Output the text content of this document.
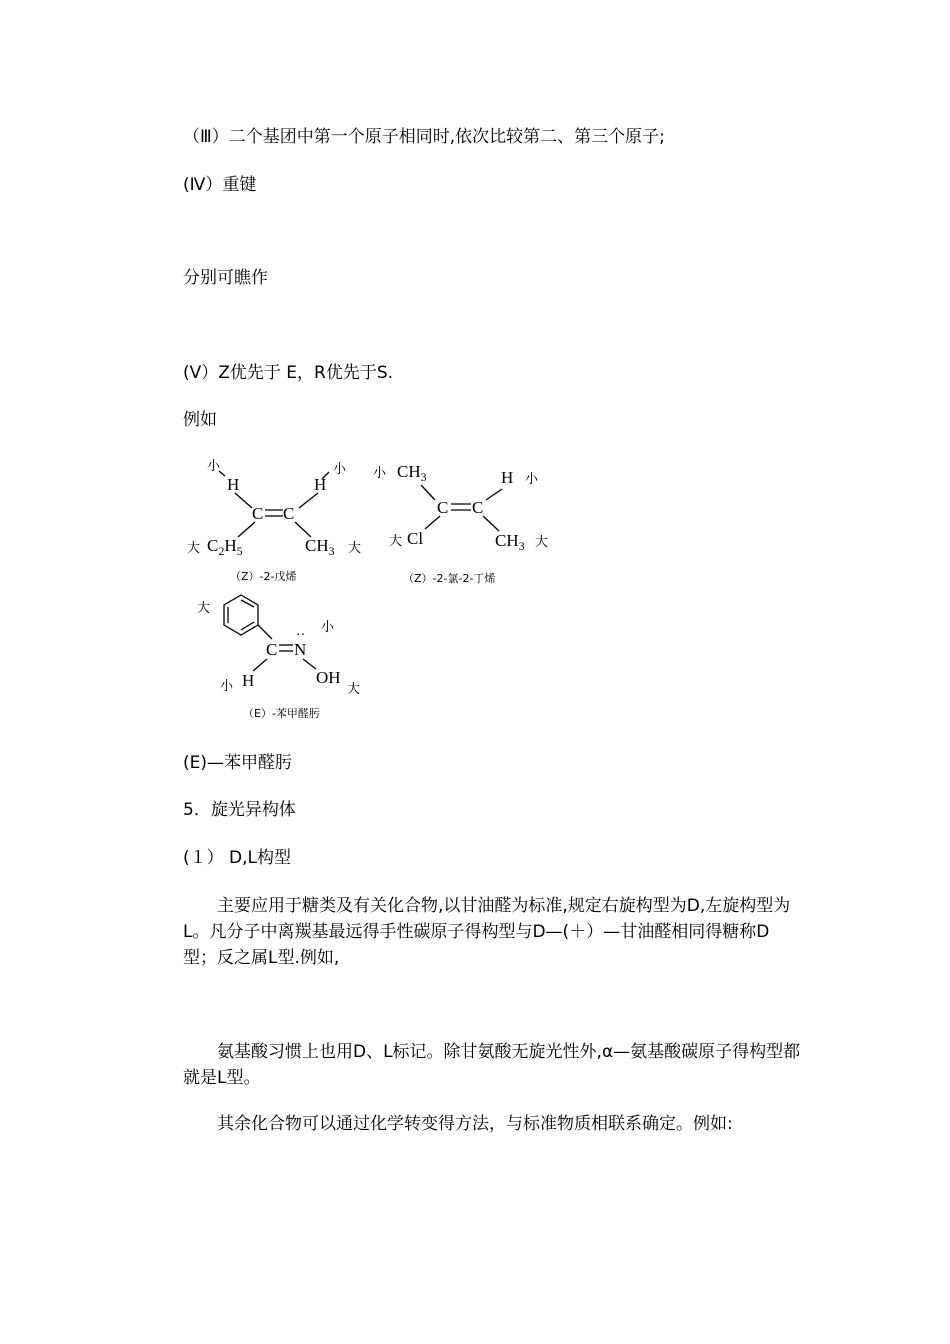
（Ⅲ）二个基团中第一个原子相同时,依次比较第二、第三个原子;
(Ⅳ）重键
分别可瞧作
(Ⅴ）Z优先于 E，R优先于S.
例如
小
H	H
小
C C
大 $C_2H_5$	$CH_3$ 大
（Z）-2-戊烯
小 $CH_3$	H 小
C C
大 Cl	$CH_3$ 大
（Z）-2-氯-2-丁烯
大
C N
··
小
OH
大
H
小
（E）-苯甲醛肟
(E)—苯甲醛肟
5．旋光异构体
(１） D,L构型
主要应用于糖类及有关化合物,以甘油醛为标准,规定右旋构型为D,左旋构型为L。凡分子中离羰基最远得手性碳原子得构型与D—(＋）—甘油醛相同得糖称D型；反之属L型.例如,
氨基酸习惯上也用D、L标记。除甘氨酸无旋光性外,α—氨基酸碳原子得构型都就是L型。
其余化合物可以通过化学转变得方法，与标准物质相联系确定。例如:
